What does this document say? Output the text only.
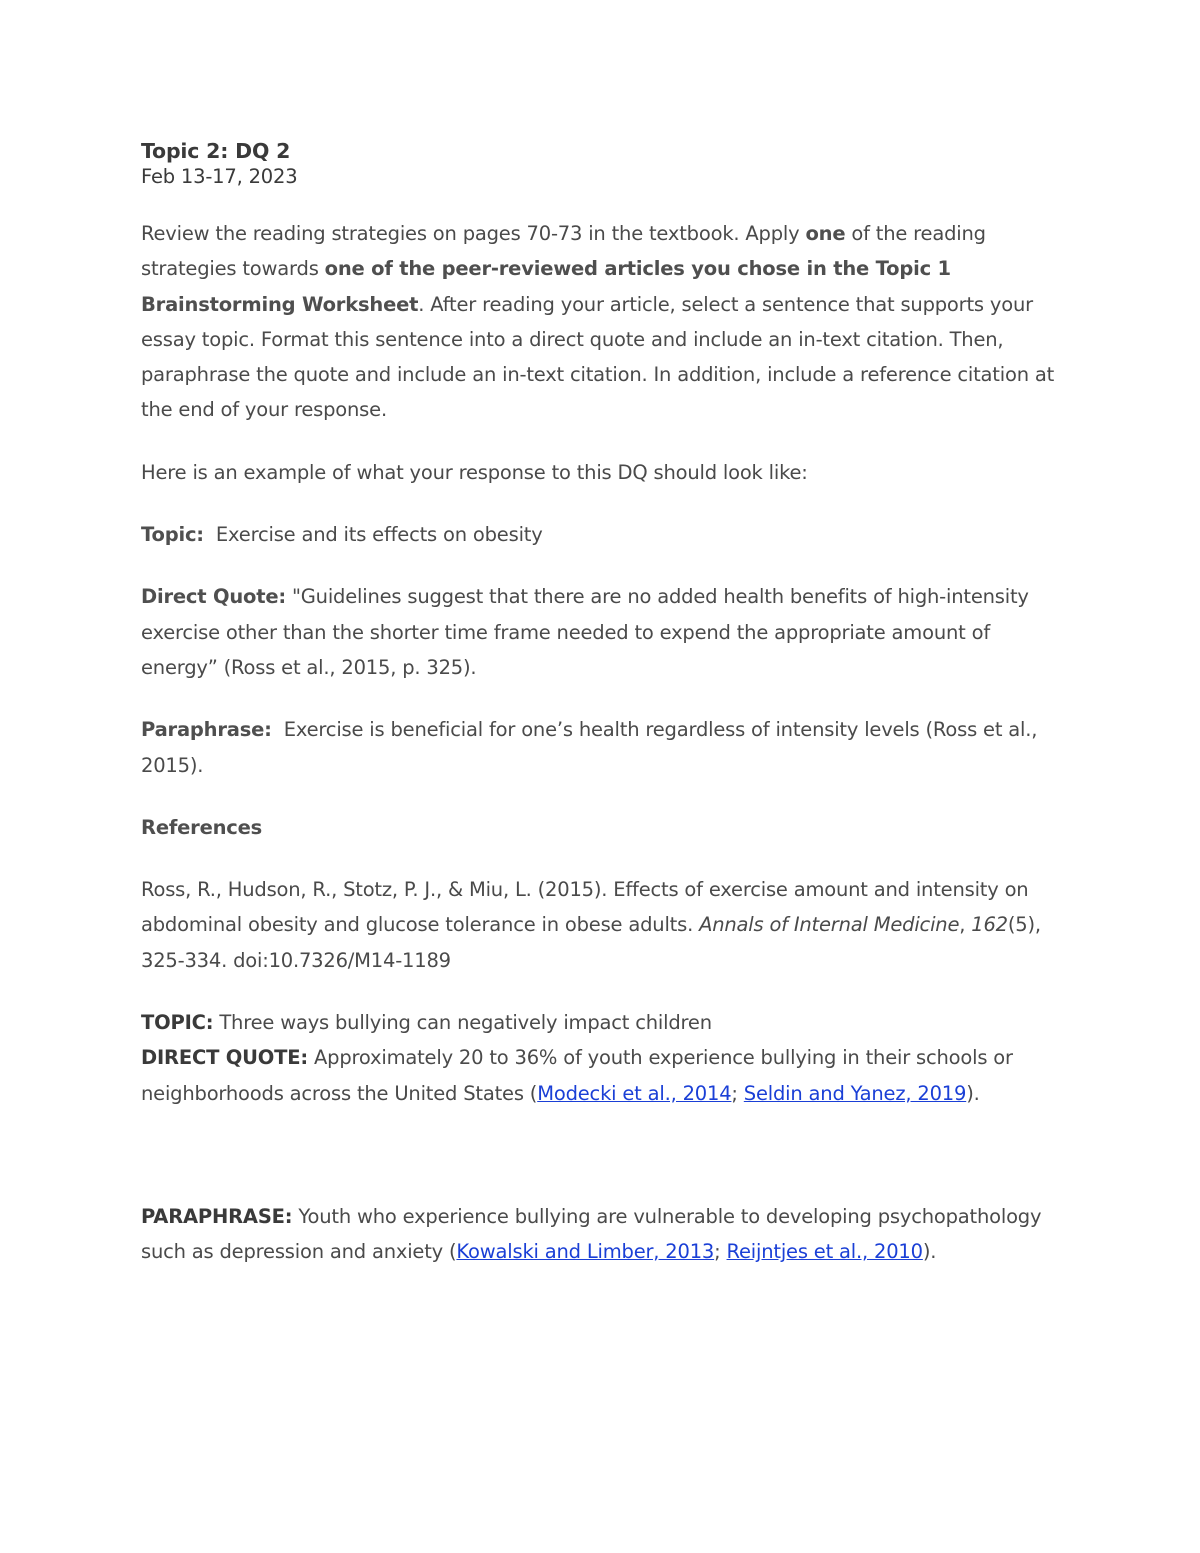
Topic 2: DQ 2
Feb 13-17, 2023

Review the reading strategies on pages 70-73 in the textbook. Apply one of the reading strategies towards one of the peer-reviewed articles you chose in the Topic 1 Brainstorming Worksheet. After reading your article, select a sentence that supports your essay topic. Format this sentence into a direct quote and include an in-text citation. Then, paraphrase the quote and include an in-text citation. In addition, include a reference citation at the end of your response.

Here is an example of what your response to this DQ should look like:

Topic:  Exercise and its effects on obesity

Direct Quote: "Guidelines suggest that there are no added health benefits of high-intensity exercise other than the shorter time frame needed to expend the appropriate amount of energy” (Ross et al., 2015, p. 325).

Paraphrase:  Exercise is beneficial for one’s health regardless of intensity levels (Ross et al., 2015).

References

Ross, R., Hudson, R., Stotz, P. J., & Miu, L. (2015). Effects of exercise amount and intensity on abdominal obesity and glucose tolerance in obese adults. Annals of Internal Medicine, 162(5), 325-334. doi:10.7326/M14-1189

TOPIC: Three ways bullying can negatively impact children

DIRECT QUOTE: Approximately 20 to 36% of youth experience bullying in their schools or neighborhoods across the United States (Modecki et al., 2014; Seldin and Yanez, 2019).

PARAPHRASE: Youth who experience bullying are vulnerable to developing psychopathology such as depression and anxiety (Kowalski and Limber, 2013; Reijntjes et al., 2010).
